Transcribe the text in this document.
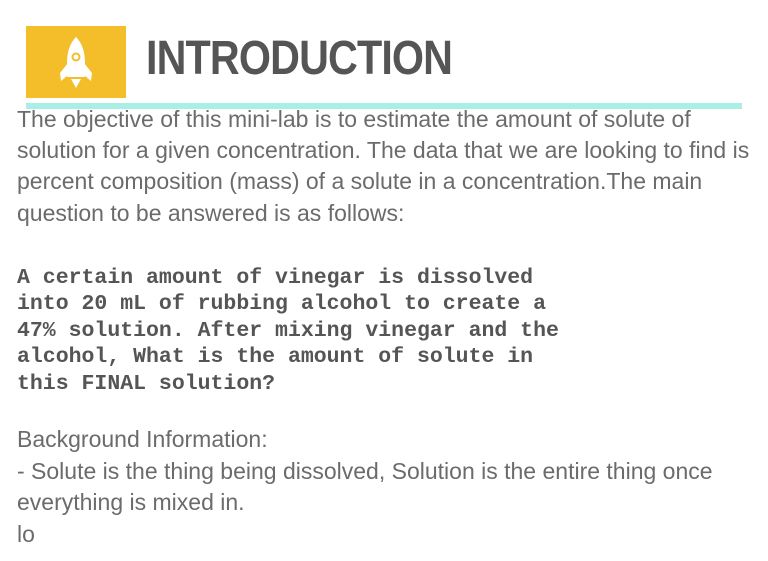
INTRODUCTION

The objective of this mini-lab is to estimate the amount of solute of solution for a given concentration. The data that we are looking to find is percent composition (mass) of a solute in a concentration.The main question to be answered is as follows:

A certain amount of vinegar is dissolved
into 20 mL of rubbing alcohol to create a
47% solution. After mixing vinegar and the
alcohol, What is the amount of solute in
this FINAL solution?

Background Information:

- Solute is the thing being dissolved, Solution is the entire thing once everything is mixed in.

lo
